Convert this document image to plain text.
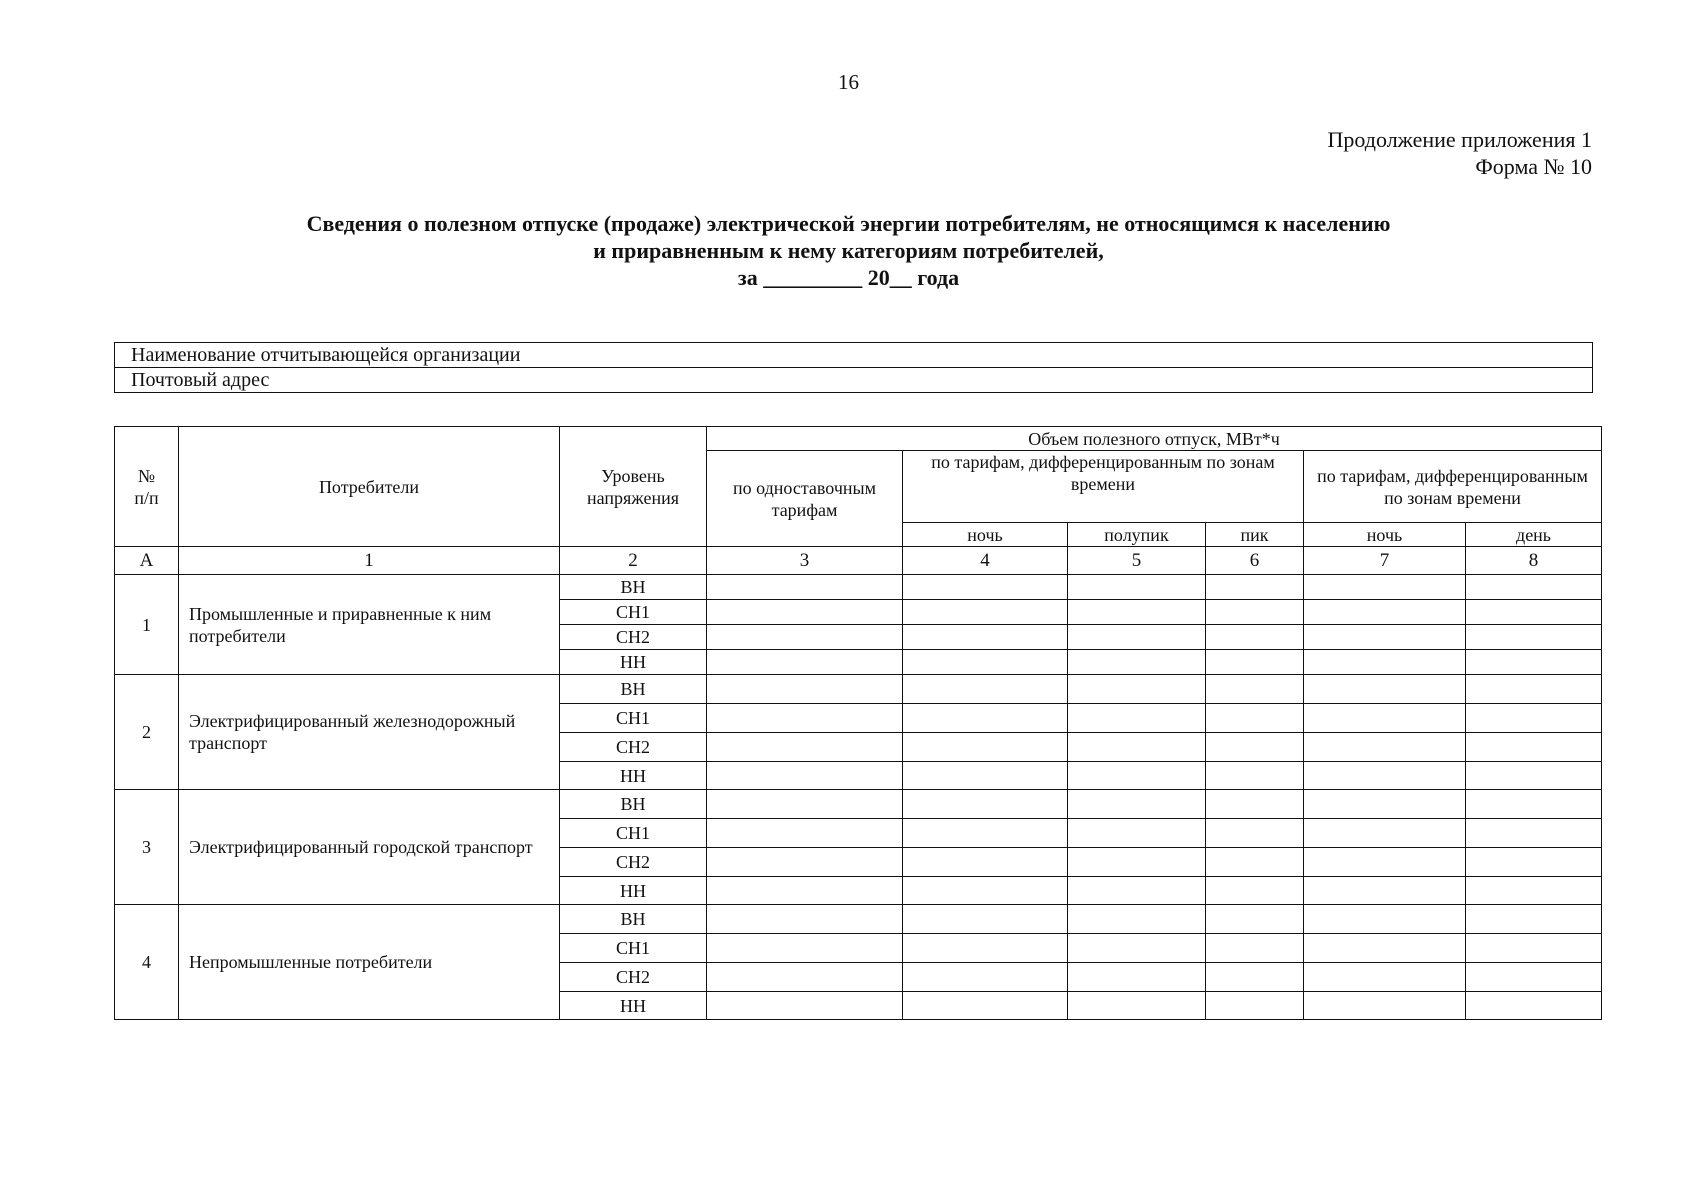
16
Продолжение приложения 1
Форма № 10
Сведения о полезном отпуске (продаже) электрической энергии потребителям, не относящимся к населению
и приравненным к нему категориям потребителей,
за _________ 20__ года
Наименование отчитывающейся организации
Почтовый адрес
№
п/п	Потребители	Уровень напряжения	Объем полезного отпуск, МВт*ч					
			по одноставочным тарифам	по тарифам, дифференцированным по зонам времени			по тарифам, дифференцированным по зонам времени	
				ночь	полупик	пик	ночь	день
А	1	2	3	4	5	6	7	8
1	Промышленные и приравненные к ним потребители	ВН						
		СН1						
		СН2						
		НН						
2	Электрифицированный железнодорожный транспорт	ВН						
		СН1						
		СН2						
		НН						
3	Электрифицированный городской транспорт	ВН						
		СН1						
		СН2						
		НН						
4	Непромышленные потребители	ВН						
		СН1						
		СН2						
		НН						
